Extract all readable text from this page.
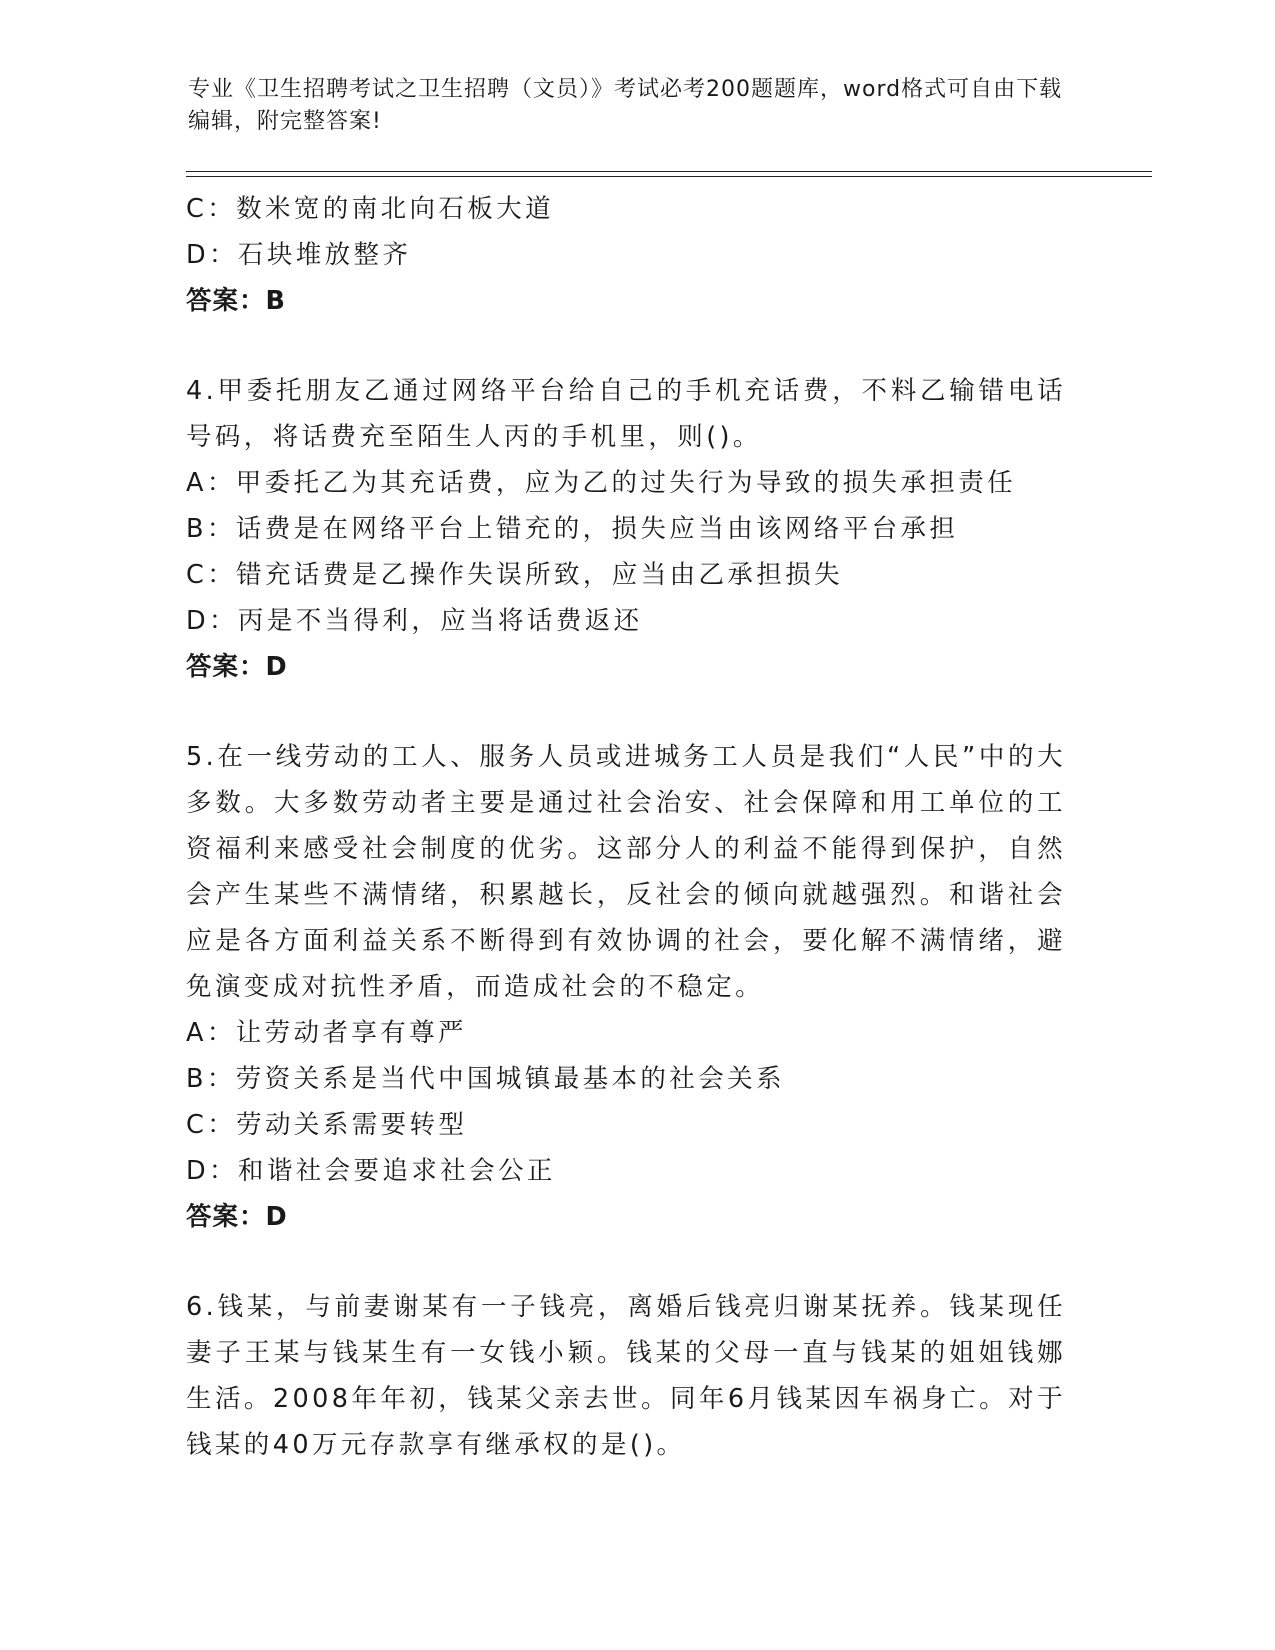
专业《卫生招聘考试之卫生招聘（文员）》考试必考200题题库，word格式可自由下载编辑，附完整答案!
C：数米宽的南北向石板大道
D：石块堆放整齐
答案：B
4.甲委托朋友乙通过网络平台给自己的手机充话费，不料乙输错电话号码，将话费充至陌生人丙的手机里，则()。
A：甲委托乙为其充话费，应为乙的过失行为导致的损失承担责任
B：话费是在网络平台上错充的，损失应当由该网络平台承担
C：错充话费是乙操作失误所致，应当由乙承担损失
D：丙是不当得利，应当将话费返还
答案：D
5.在一线劳动的工人、服务人员或进城务工人员是我们“人民”中的大多数。大多数劳动者主要是通过社会治安、社会保障和用工单位的工资福利来感受社会制度的优劣。这部分人的利益不能得到保护，自然会产生某些不满情绪，积累越长，反社会的倾向就越强烈。和谐社会应是各方面利益关系不断得到有效协调的社会，要化解不满情绪，避免演变成对抗性矛盾，而造成社会的不稳定。
A：让劳动者享有尊严
B：劳资关系是当代中国城镇最基本的社会关系
C：劳动关系需要转型
D：和谐社会要追求社会公正
答案：D
6.钱某，与前妻谢某有一子钱亮，离婚后钱亮归谢某抚养。钱某现任妻子王某与钱某生有一女钱小颖。钱某的父母一直与钱某的姐姐钱娜生活。2008年年初，钱某父亲去世。同年6月钱某因车祸身亡。对于钱某的40万元存款享有继承权的是()。
